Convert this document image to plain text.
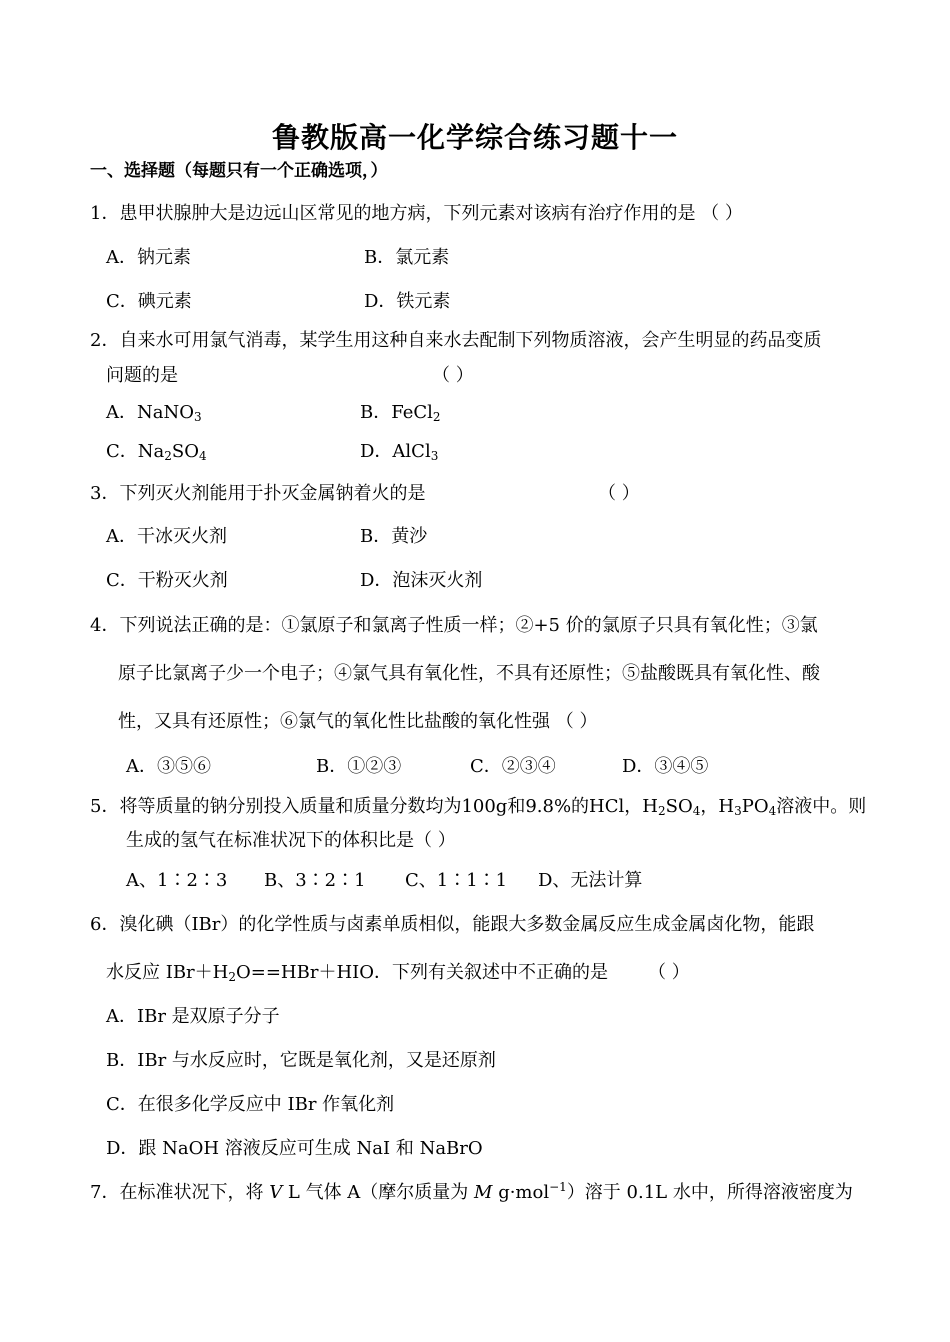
鲁教版高一化学综合练习题十一
一、选择题（每题只有一个正确选项，）
1．患甲状腺肿大是边远山区常见的地方病，下列元素对该病有治疗作用的是 （ ）
A．钠元素	B．氯元素
C．碘元素	D．铁元素
2．自来水可用氯气消毒，某学生用这种自来水去配制下列物质溶液，会产生明显的药品变质
问题的是	（ ）
A．NaNO$_3$	B．FeCl$_2$
C．$Na_2SO_4$	D．AlCl$_3$
3．下列灭火剂能用于扑灭金属钠着火的是	（ ）
A．干冰灭火剂	B．黄沙
C．干粉灭火剂	D．泡沫灭火剂
4．下列说法正确的是：①氯原子和氯离子性质一样；②+5 价的氯原子只具有氧化性；③氯
原子比氯离子少一个电子；④氯气具有氧化性，不具有还原性；⑤盐酸既具有氧化性、酸
性，又具有还原性；⑥氯气的氧化性比盐酸的氧化性强 （ ）
A．③⑤⑥	B．①②③	C．②③④	D．③④⑤
5．将等质量的钠分别投入质量和质量分数均为100g和9.8%的HCl，$H_2SO_4$，$H_3PO_4$溶液中。则
生成的氢气在标准状况下的体积比是（ ）
A、1∶2∶3 B、3∶2∶1 C、1∶1∶1 D、无法计算
6．溴化碘（IBr）的化学性质与卤素单质相似，能跟大多数金属反应生成金属卤化物，能跟
水反应 $IBr+H_2O==HBr+HIO$．下列有关叙述中不正确的是 （ ）
A．IBr 是双原子分子
B．IBr 与水反应时，它既是氧化剂，又是还原剂
C．在很多化学反应中 IBr 作氧化剂
D．跟 NaOH 溶液反应可生成 NaI 和 NaBrO
7．在标准状况下，将 V L 气体 A（摩尔质量为 M g·mol$^{-1}$）溶于 0.1L 水中，所得溶液密度为
